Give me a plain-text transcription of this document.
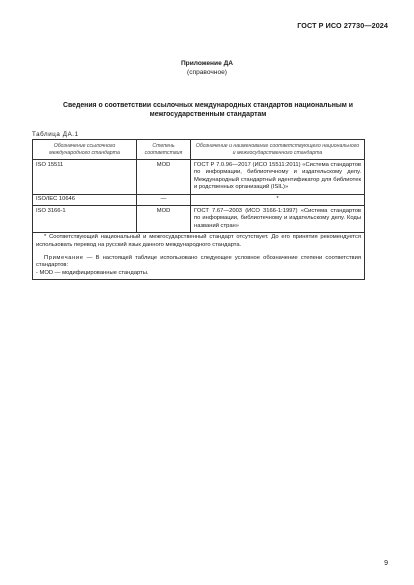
ГОСТ Р ИСО 27730—2024
Приложение ДА
(справочное)
Сведения о соответствии ссылочных международных стандартов национальным и межгосударственным стандартам
Таблица ДА.1
Обозначение ссылочного международного стандарта	Степень соответствия	Обозначение и наименование соответствующего национального и межгосударственного стандарта
ISO 15511	MOD	ГОСТ Р 7.0.96—2017 (ИСО 15511:2011) «Система стандартов по информации, библиотечному и издательскому делу. Международный стандартный идентификатор для библиотек и родственных организаций (ISIL)»
ISO/IEC 10646	—	*
ISO 3166-1	MOD	ГОСТ 7.67—2003 (ИСО 3166-1:1997) «Система стандартов по информации, библиотечному и издательскому делу. Коды названий стран»

* Соответствующий национальный и межгосударственный стандарт отсутствует. До его принятия рекомендуется использовать перевод на русский язык данного международного стандарта.

Примечание — В настоящей таблице использовано следующее условное обозначение степени соответствия стандартов:

- MOD — модифицированные стандарты.		

9
